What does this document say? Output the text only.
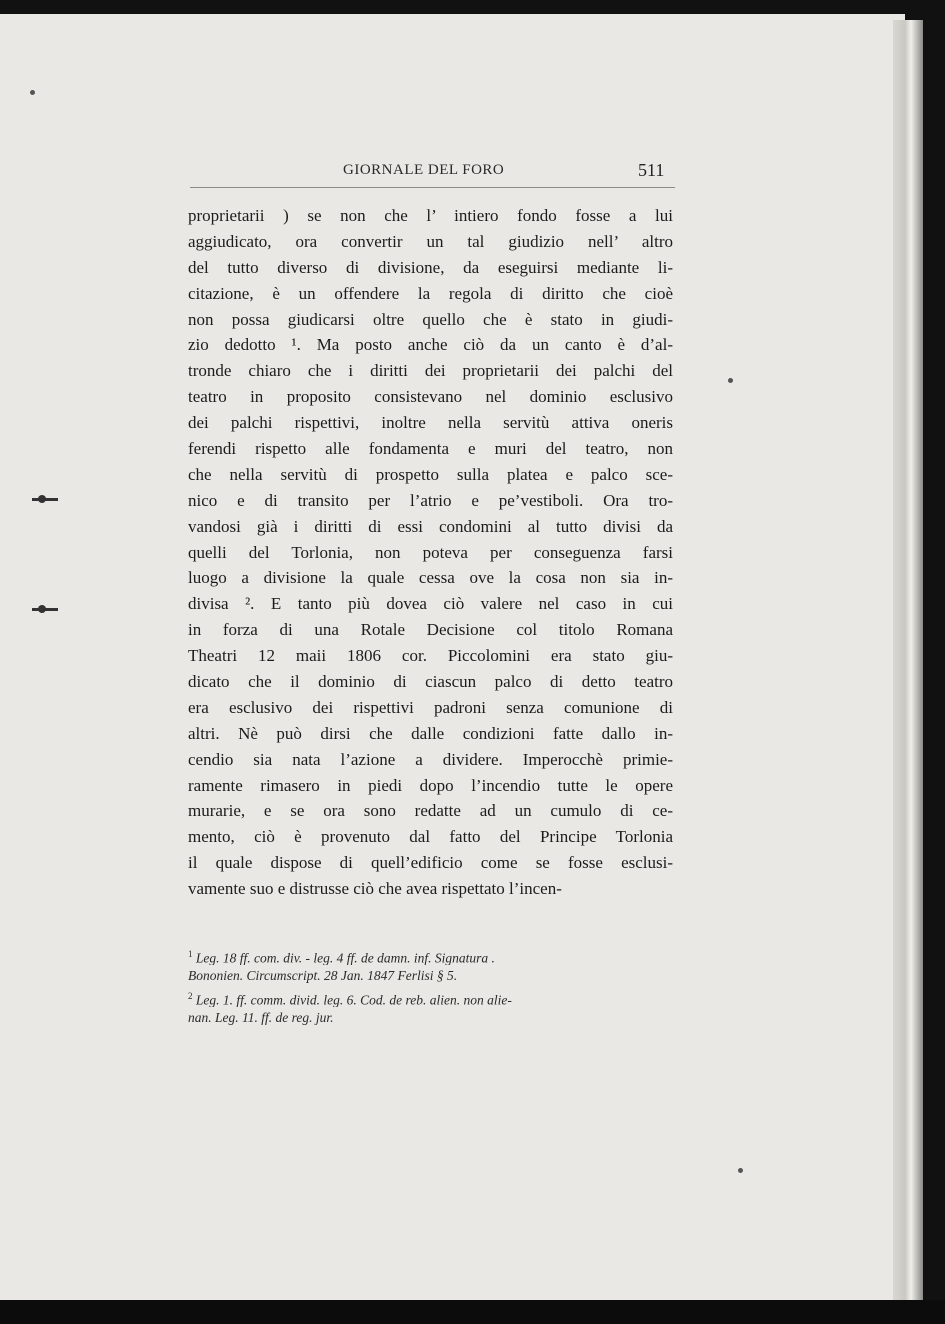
GIORNALE DEL FORO	511
proprietarii ) se non che l’ intiero fondo fosse a lui
aggiudicato, ora convertir un tal giudizio nell’ altro
del tutto diverso di divisione, da eseguirsi mediante li-
citazione, è un offendere la regola di diritto che cioè
non possa giudicarsi oltre quello che è stato in giudi-
zio dedotto ¹. Ma posto anche ciò da un canto è d’al-
tronde chiaro che i diritti dei proprietarii dei palchi del
teatro in proposito consistevano nel dominio esclusivo
dei palchi rispettivi, inoltre nella servitù attiva oneris
ferendi rispetto alle fondamenta e muri del teatro, non
che nella servitù di prospetto sulla platea e palco sce-
nico e di transito per l’atrio e pe’vestiboli. Ora tro-
vandosi già i diritti di essi condomini al tutto divisi da
quelli del Torlonia, non poteva per conseguenza farsi
luogo a divisione la quale cessa ove la cosa non sia in-
divisa ². E tanto più dovea ciò valere nel caso in cui
in forza di una Rotale Decisione col titolo Romana
Theatri 12 maii 1806 cor. Piccolomini era stato giu-
dicato che il dominio di ciascun palco di detto teatro
era esclusivo dei rispettivi padroni senza comunione di
altri. Nè può dirsi che dalle condizioni fatte dallo in-
cendio sia nata l’azione a dividere. Imperocchè primie-
ramente rimasero in piedi dopo l’incendio tutte le opere
murarie, e se ora sono redatte ad un cumulo di ce-
mento, ciò è provenuto dal fatto del Principe Torlonia
il quale dispose di quell’edificio come se fosse esclusi-
vamente suo e distrusse ciò che avea rispettato l’incen-
$^1$ Leg. 18 ff. com. div. - leg. 4 ff. de damn. inf. Signatura .
Bononien. Circumscript. 28 Jan. 1847 Ferlisi § 5.
$^2$ Leg. 1. ff. comm. divid. leg. 6. Cod. de reb. alien. non alie-
nan. Leg. 11. ff. de reg. jur.
